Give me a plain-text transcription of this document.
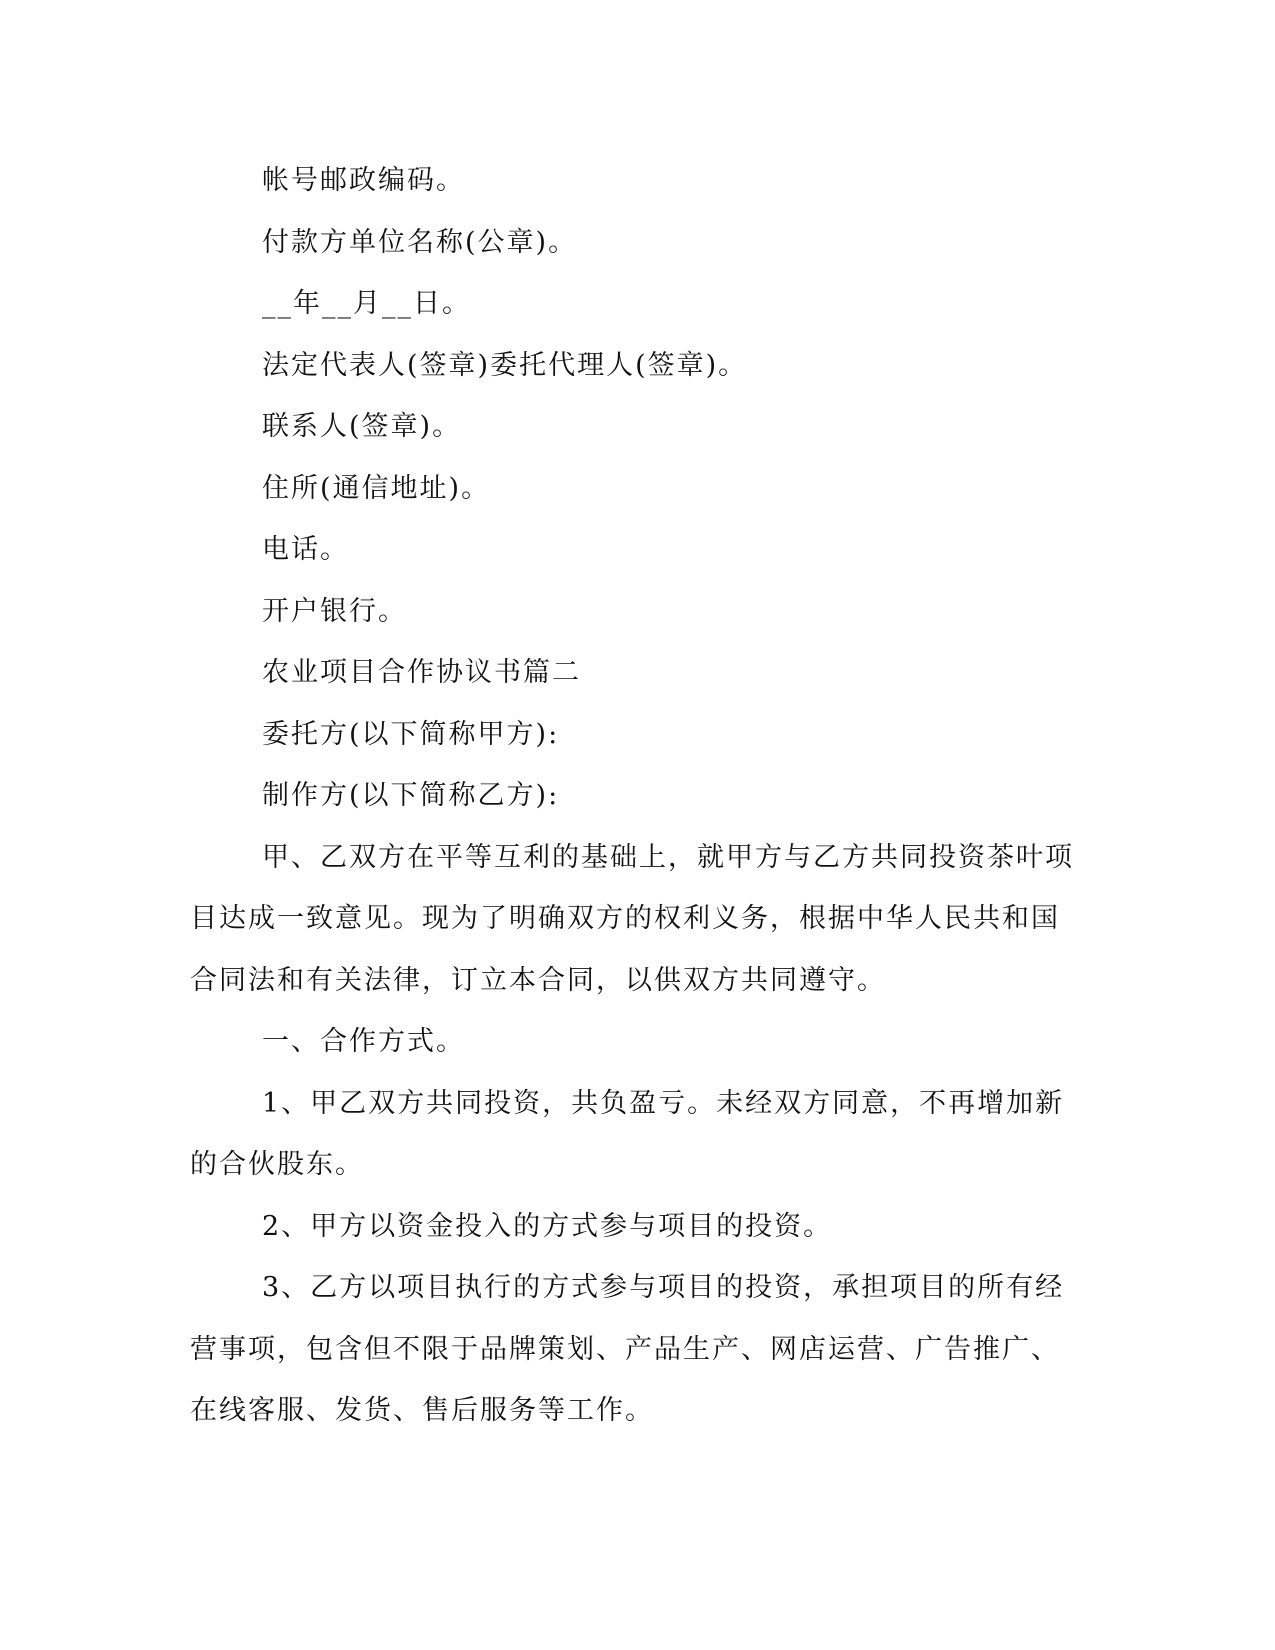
帐号邮政编码。

付款方单位名称(公章)。

__年__月__日。

法定代表人(签章)委托代理人(签章)。

联系人(签章)。

住所(通信地址)。

电话。

开户银行。

农业项目合作协议书篇二

委托方(以下简称甲方):

制作方(以下简称乙方):

甲、乙双方在平等互利的基础上，就甲方与乙方共同投资茶叶项

目达成一致意见。现为了明确双方的权利义务，根据中华人民共和国

合同法和有关法律，订立本合同，以供双方共同遵守。

一、合作方式。

1、甲乙双方共同投资，共负盈亏。未经双方同意，不再增加新

的合伙股东。

2、甲方以资金投入的方式参与项目的投资。

3、乙方以项目执行的方式参与项目的投资，承担项目的所有经

营事项，包含但不限于品牌策划、产品生产、网店运营、广告推广、

在线客服、发货、售后服务等工作。
